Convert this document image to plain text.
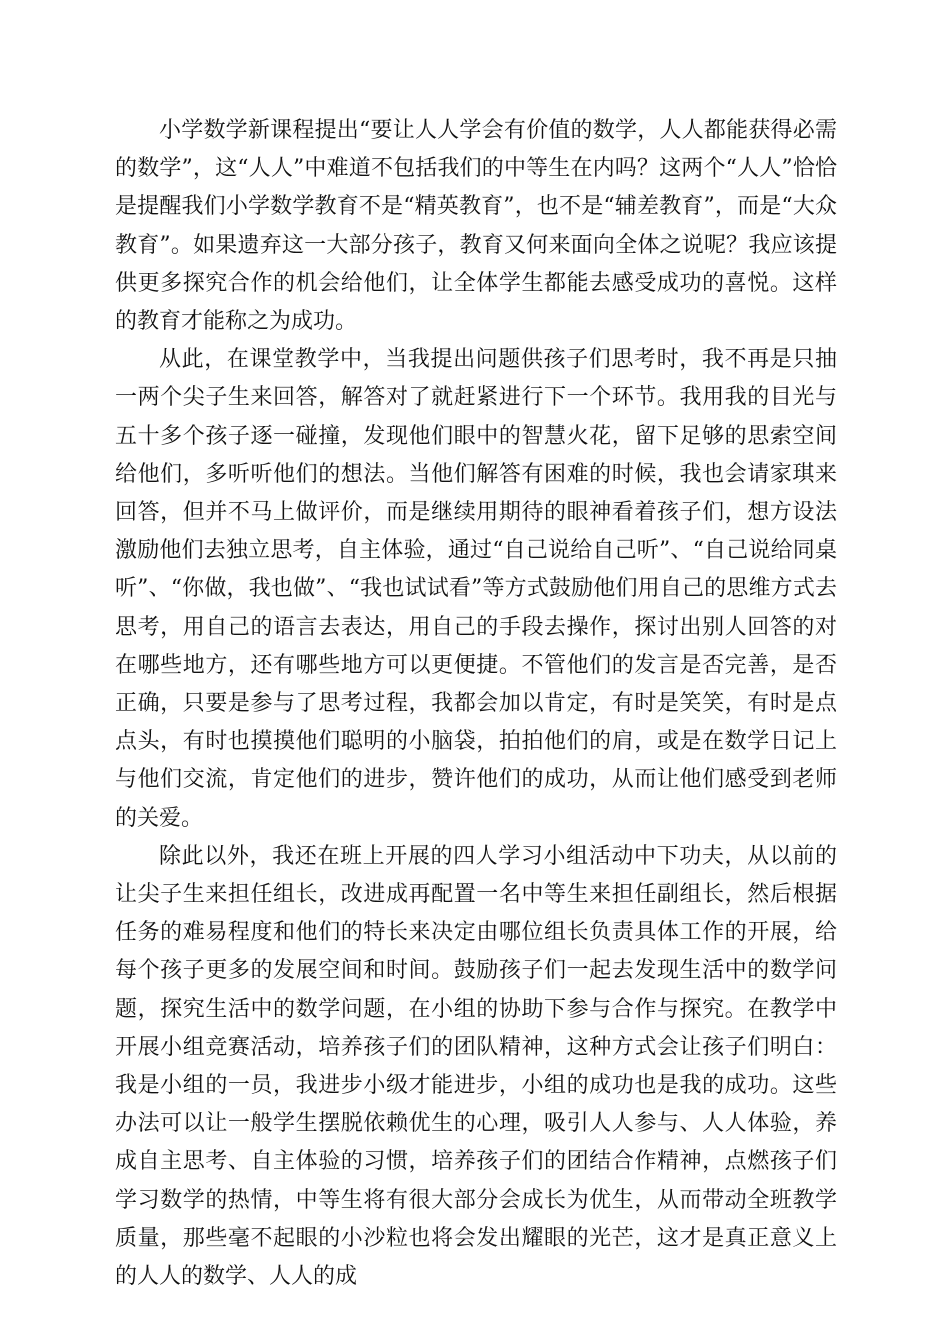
小学数学新课程提出“要让人人学会有价值的数学，人人都能获得必需的数学”，这“人人”中难道不包括我们的中等生在内吗？这两个“人人”恰恰是提醒我们小学数学教育不是“精英教育”，也不是“辅差教育”，而是“大众教育”。如果遗弃这一大部分孩子，教育又何来面向全体之说呢？我应该提供更多探究合作的机会给他们，让全体学生都能去感受成功的喜悦。这样的教育才能称之为成功。

从此，在课堂教学中，当我提出问题供孩子们思考时，我不再是只抽一两个尖子生来回答，解答对了就赶紧进行下一个环节。我用我的目光与五十多个孩子逐一碰撞，发现他们眼中的智慧火花，留下足够的思索空间给他们，多听听他们的想法。当他们解答有困难的时候，我也会请家琪来回答，但并不马上做评价，而是继续用期待的眼神看着孩子们，想方设法激励他们去独立思考，自主体验，通过“自己说给自己听”、“自己说给同桌听”、“你做，我也做”、“我也试试看”等方式鼓励他们用自己的思维方式去思考，用自己的语言去表达，用自己的手段去操作，探讨出别人回答的对在哪些地方，还有哪些地方可以更便捷。不管他们的发言是否完善，是否正确，只要是参与了思考过程，我都会加以肯定，有时是笑笑，有时是点点头，有时也摸摸他们聪明的小脑袋，拍拍他们的肩，或是在数学日记上与他们交流，肯定他们的进步，赞许他们的成功，从而让他们感受到老师的关爱。

除此以外，我还在班上开展的四人学习小组活动中下功夫，从以前的让尖子生来担任组长，改进成再配置一名中等生来担任副组长，然后根据任务的难易程度和他们的特长来决定由哪位组长负责具体工作的开展，给每个孩子更多的发展空间和时间。鼓励孩子们一起去发现生活中的数学问题，探究生活中的数学问题，在小组的协助下参与合作与探究。在教学中开展小组竞赛活动，培养孩子们的团队精神，这种方式会让孩子们明白：我是小组的一员，我进步小级才能进步，小组的成功也是我的成功。这些办法可以让一般学生摆脱依赖优生的心理，吸引人人参与、人人体验，养成自主思考、自主体验的习惯，培养孩子们的团结合作精神，点燃孩子们学习数学的热情，中等生将有很大部分会成长为优生，从而带动全班教学质量，那些毫不起眼的小沙粒也将会发出耀眼的光芒，这才是真正意义上的人人的数学、人人的成
